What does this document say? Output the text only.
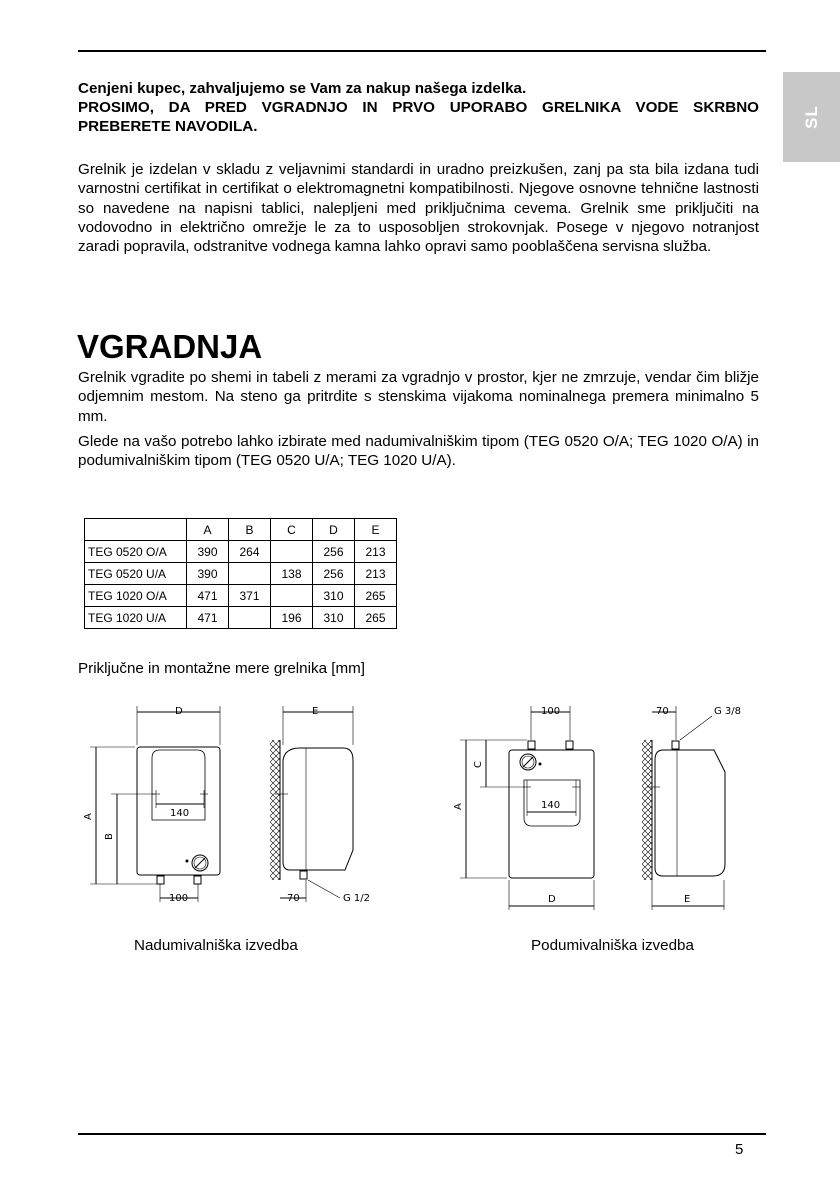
SL
Cenjeni kupec, zahvaljujemo se Vam za nakup našega izdelka.
PROSIMO, DA PRED VGRADNJO IN PRVO UPORABO GRELNIKA VODE SKRBNO PREBERETE NAVODILA.
Grelnik je izdelan v skladu z veljavnimi standardi in uradno preizkušen, zanj pa sta bila izdana tudi varnostni certifikat in certifikat o elektromagnetni kompatibilnosti. Njegove osnovne tehnične lastnosti so navedene na napisni tablici, nalepljeni med priključnima cevema. Grelnik sme priključiti na vodovodno in električno omrežje le za to usposobljen strokovnjak. Posege v njegovo notranjost zaradi popravila, odstranitve vodnega kamna lahko opravi samo pooblaščena servisna služba.
VGRADNJA
Grelnik vgradite po shemi in tabeli z merami za vgradnjo v prostor, kjer ne zmrzuje, vendar čim bližje odjemnim mestom. Na steno ga pritrdite s stenskima vijakoma nominalnega premera minimalno 5 mm.
Glede na vašo potrebo lahko izbirate med nadumivalniškim tipom (TEG 0520 O/A; TEG 1020 O/A) in podumivalniškim tipom (TEG 0520 U/A; TEG 1020 U/A).
	A	B	C	D	E
TEG 0520 O/A	390	264		256	213
TEG 0520 U/A	390		138	256	213
TEG 1020 O/A	471	371		310	265
TEG 1020 U/A	471		196	310	265
Priključne in montažne mere grelnika [mm]
D
A
B
140
100
E
70	G 1/2
100
C
A	140
D
70	G 3/8
E
Nadumivalniška izvedba	Podumivalniška izvedba
5
